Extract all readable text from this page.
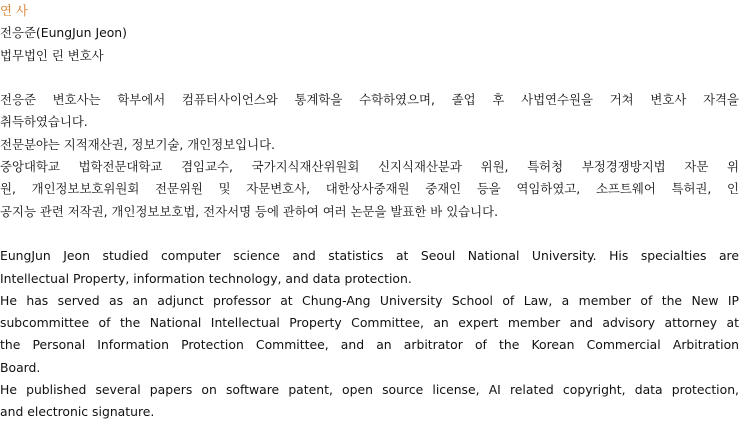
연 사
전응준(EungJun Jeon)
법무법인 린 변호사
전응준 변호사는 학부에서 컴퓨터사이언스와 통계학을 수학하였으며, 졸업 후 사법연수원을 거쳐 변호사 자격을
취득하였습니다.
전문분야는 지적재산권, 정보기술, 개인정보입니다.
중앙대학교 법학전문대학교 겸임교수, 국가지식재산위원회 신지식재산분과 위원, 특허청 부정경쟁방지법 자문 위
원, 개인정보보호위원회 전문위원 및 자문변호사, 대한상사중재원 중재인 등을 역임하였고, 소프트웨어 특허권, 인
공지능 관련 저작권, 개인정보보호법, 전자서명 등에 관하여 여러 논문을 발표한 바 있습니다.
EungJun Jeon studied computer science and statistics at Seoul National University. His specialties are
Intellectual Property, information technology, and data protection.
He has served as an adjunct professor at Chung-Ang University School of Law, a member of the New IP
subcommittee of the National Intellectual Property Committee, an expert member and advisory attorney at
the Personal Information Protection Committee, and an arbitrator of the Korean Commercial Arbitration
Board.
He published several papers on software patent, open source license, AI related copyright, data protection,
and electronic signature.
